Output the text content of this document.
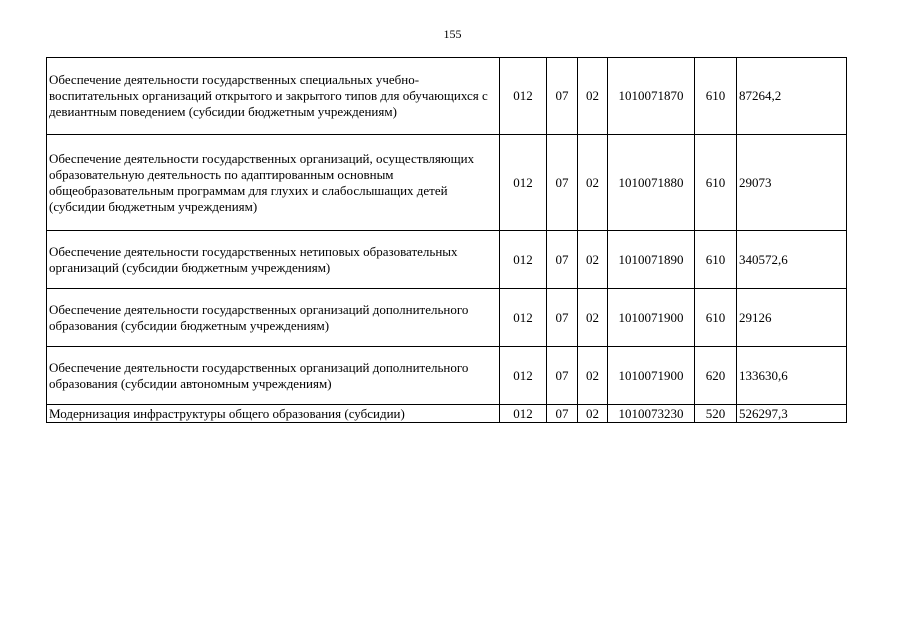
155
Обеспечение деятельности государственных специальных учебно-воспитательных организаций открытого и закрытого типов для обучающихся с девиантным поведением (субсидии бюджетным учреждениям)	012	07	02	1010071870	610	87264,2
Обеспечение деятельности государственных организаций, осуществляющих образовательную деятельность по адаптированным основным общеобразовательным программам для глухих и слабослышащих детей (субсидии бюджетным учреждениям)	012	07	02	1010071880	610	29073
Обеспечение деятельности государственных нетиповых образовательных организаций (субсидии бюджетным учреждениям)	012	07	02	1010071890	610	340572,6
Обеспечение деятельности государственных организаций дополнительного образования (субсидии бюджетным учреждениям)	012	07	02	1010071900	610	29126
Обеспечение деятельности государственных организаций дополнительного образования (субсидии автономным учреждениям)	012	07	02	1010071900	620	133630,6
Модернизация инфраструктуры общего образования (субсидии)	012	07	02	1010073230	520	526297,3
